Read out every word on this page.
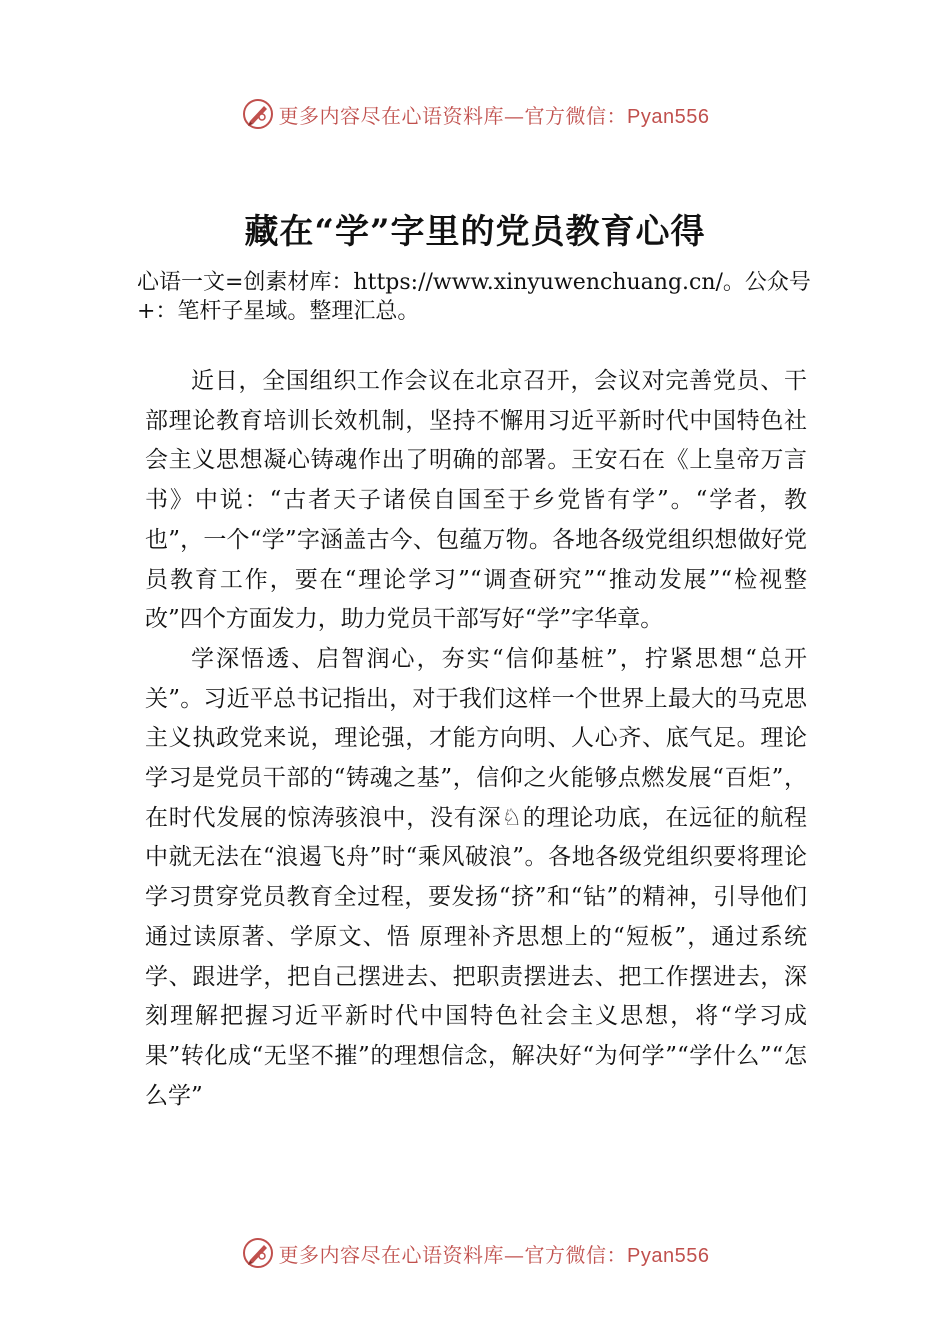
更多内容尽在心语资料库—官方微信：Pyan556
藏在“学”字里的党员教育心得

心语一文=创素材库：https://www.xinyuwenchuang.cn/。公众号+：笔杆子星域。整理汇总。

近日，全国组织工作会议在北京召开，会议对完善党员、干部理论教育培训长效机制，坚持不懈用习近平新时代中国特色社会主义思想凝心铸魂作出了明确的部署。王安石在《上皇帝万言书》中说：“古者天子诸侯自国至于乡党皆有学”。“学者，教也”，一个“学”字涵盖古今、包蕴万物。各地各级党组织想做好党员教育工作，要在“理论学习”“调查研究”“推动发展”“检视整改”四个方面发力，助力党员干部写好“学”字华章。

学深悟透、启智润心，夯实“信仰基桩”，拧紧思想“总开关”。习近平总书记指出，对于我们这样一个世界上最大的马克思主义执政党来说，理论强，才能方向明、人心齐、底气足。理论学习是党员干部的“铸魂之基”，信仰之火能够点燃发展“百炬”，在时代发展的惊涛骇浪中，没有深♘的理论功底，在远征的航程中就无法在“浪遏飞舟”时“乘风破浪”。各地各级党组织要将理论学习贯穿党员教育全过程，要发扬“挤”和“钻”的精神，引导他们通过读原著、学原文、悟 原理补齐思想上的“短板”，通过系统学、跟进学，把自己摆进去、把职责摆进去、把工作摆进去，深刻理解把握习近平新时代中国特色社会主义思想，将“学习成果”转化成“无坚不摧”的理想信念，解决好“为何学”“学什么”“怎么学”

更多内容尽在心语资料库—官方微信：Pyan556
